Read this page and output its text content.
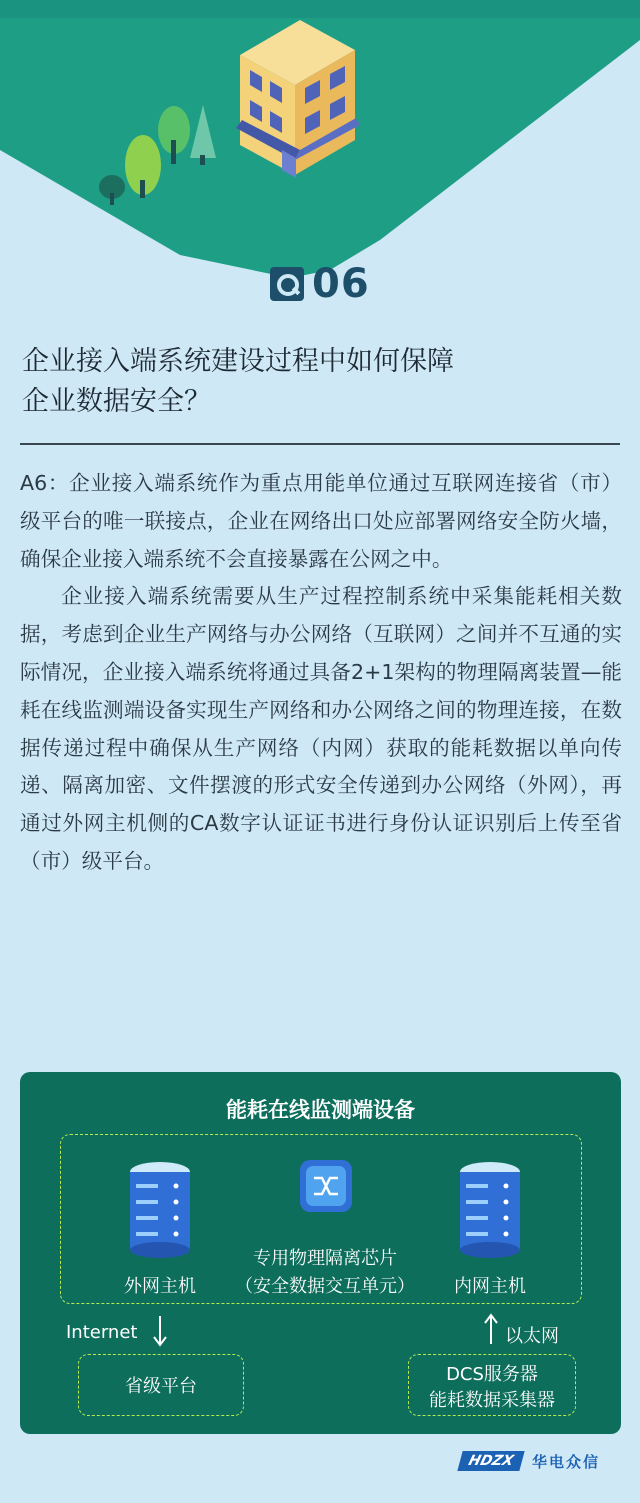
06
企业接入端系统建设过程中如何保障
企业数据安全？

A6：企业接入端系统作为重点用能单位通过互联网连接省（市）级平台的唯一联接点，企业在网络出口处应部署网络安全防火墙，确保企业接入端系统不会直接暴露在公网之中。

企业接入端系统需要从生产过程控制系统中采集能耗相关数据，考虑到企业生产网络与办公网络（互联网）之间并不互通的实际情况，企业接入端系统将通过具备2+1架构的物理隔离装置—能耗在线监测端设备实现生产网络和办公网络之间的物理连接，在数据传递过程中确保从生产网络（内网）获取的能耗数据以单向传递、隔离加密、文件摆渡的形式安全传递到办公网络（外网），再通过外网主机侧的CA数字认证证书进行身份认证识别后上传至省（市）级平台。

能耗在线监测端设备
外网主机	内网主机
专用物理隔离芯片
（安全数据交互单元）
Internet	以太网
省级平台
DCS服务器
能耗数据采集器
HDZX	华电众信
